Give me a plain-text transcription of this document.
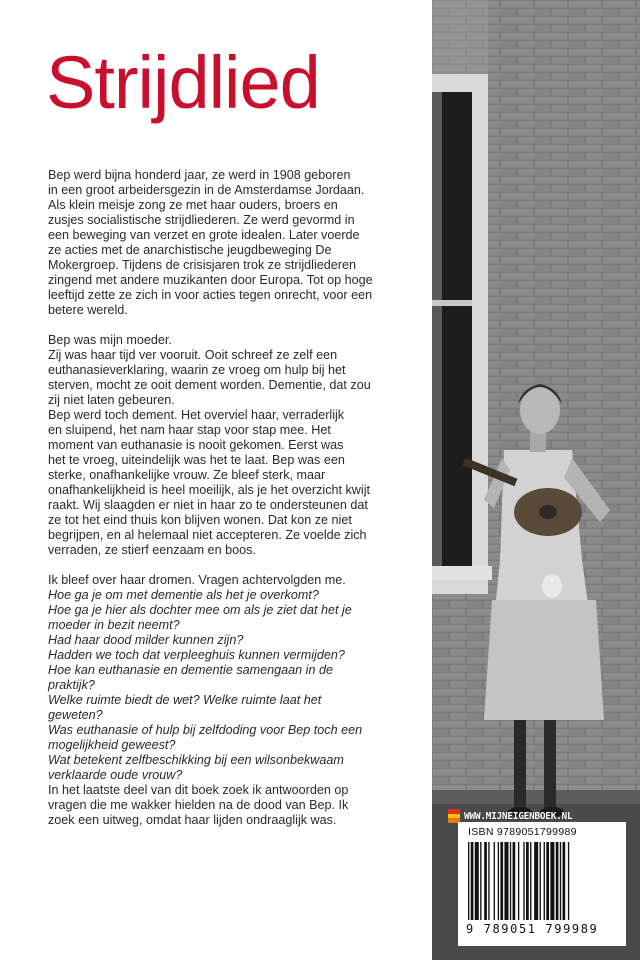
Strijdlied

Bep werd bijna honderd jaar, ze werd in 1908 geboren
in een groot arbeidersgezin in de Amsterdamse Jordaan.
Als klein meisje zong ze met haar ouders, broers en
zusjes socialistische strijdliederen. Ze werd gevormd in
een beweging van verzet en grote idealen. Later voerde
ze acties met de anarchistische jeugdbeweging De
Mokergroep. Tijdens de crisisjaren trok ze strijdliederen
zingend met andere muzikanten door Europa. Tot op hoge
leeftijd zette ze zich in voor acties tegen onrecht, voor een
betere wereld.

Bep was mijn moeder.
Zij was haar tijd ver vooruit. Ooit schreef ze zelf een
euthanasieverklaring, waarin ze vroeg om hulp bij het
sterven, mocht ze ooit dement worden. Dementie, dat zou
zij niet laten gebeuren.
Bep werd toch dement. Het overviel haar, verraderlijk
en sluipend, het nam haar stap voor stap mee. Het
moment van euthanasie is nooit gekomen. Eerst was
het te vroeg, uiteindelijk was het te laat. Bep was een
sterke, onafhankelijke vrouw. Ze bleef sterk, maar
onafhankelijkheid is heel moeilijk, als je het overzicht kwijt
raakt. Wij slaagden er niet in haar zo te ondersteunen dat
ze tot het eind thuis kon blijven wonen. Dat kon ze niet
begrijpen, en al helemaal niet accepteren. Ze voelde zich
verraden, ze stierf eenzaam en boos.

Ik bleef over haar dromen. Vragen achtervolgden me.
Hoe ga je om met dementie als het je overkomt?
Hoe ga je hier als dochter mee om als je ziet dat het je
moeder in bezit neemt?
Had haar dood milder kunnen zijn?
Hadden we toch dat verpleeghuis kunnen vermijden?
Hoe kan euthanasie en dementie samengaan in de
praktijk?
Welke ruimte biedt de wet? Welke ruimte laat het
geweten?
Was euthanasie of hulp bij zelfdoding voor Bep toch een
mogelijkheid geweest?
Wat betekent zelfbeschikking bij een wilsonbekwaam
verklaarde oude vrouw?
In het laatste deel van dit boek zoek ik antwoorden op
vragen die me wakker hielden na de dood van Bep. Ik
zoek een uitweg, omdat haar lijden ondraaglijk was.	WWW.MIJNEIGENBOEK.NL
ISBN 9789051799989
9 789051 799989
